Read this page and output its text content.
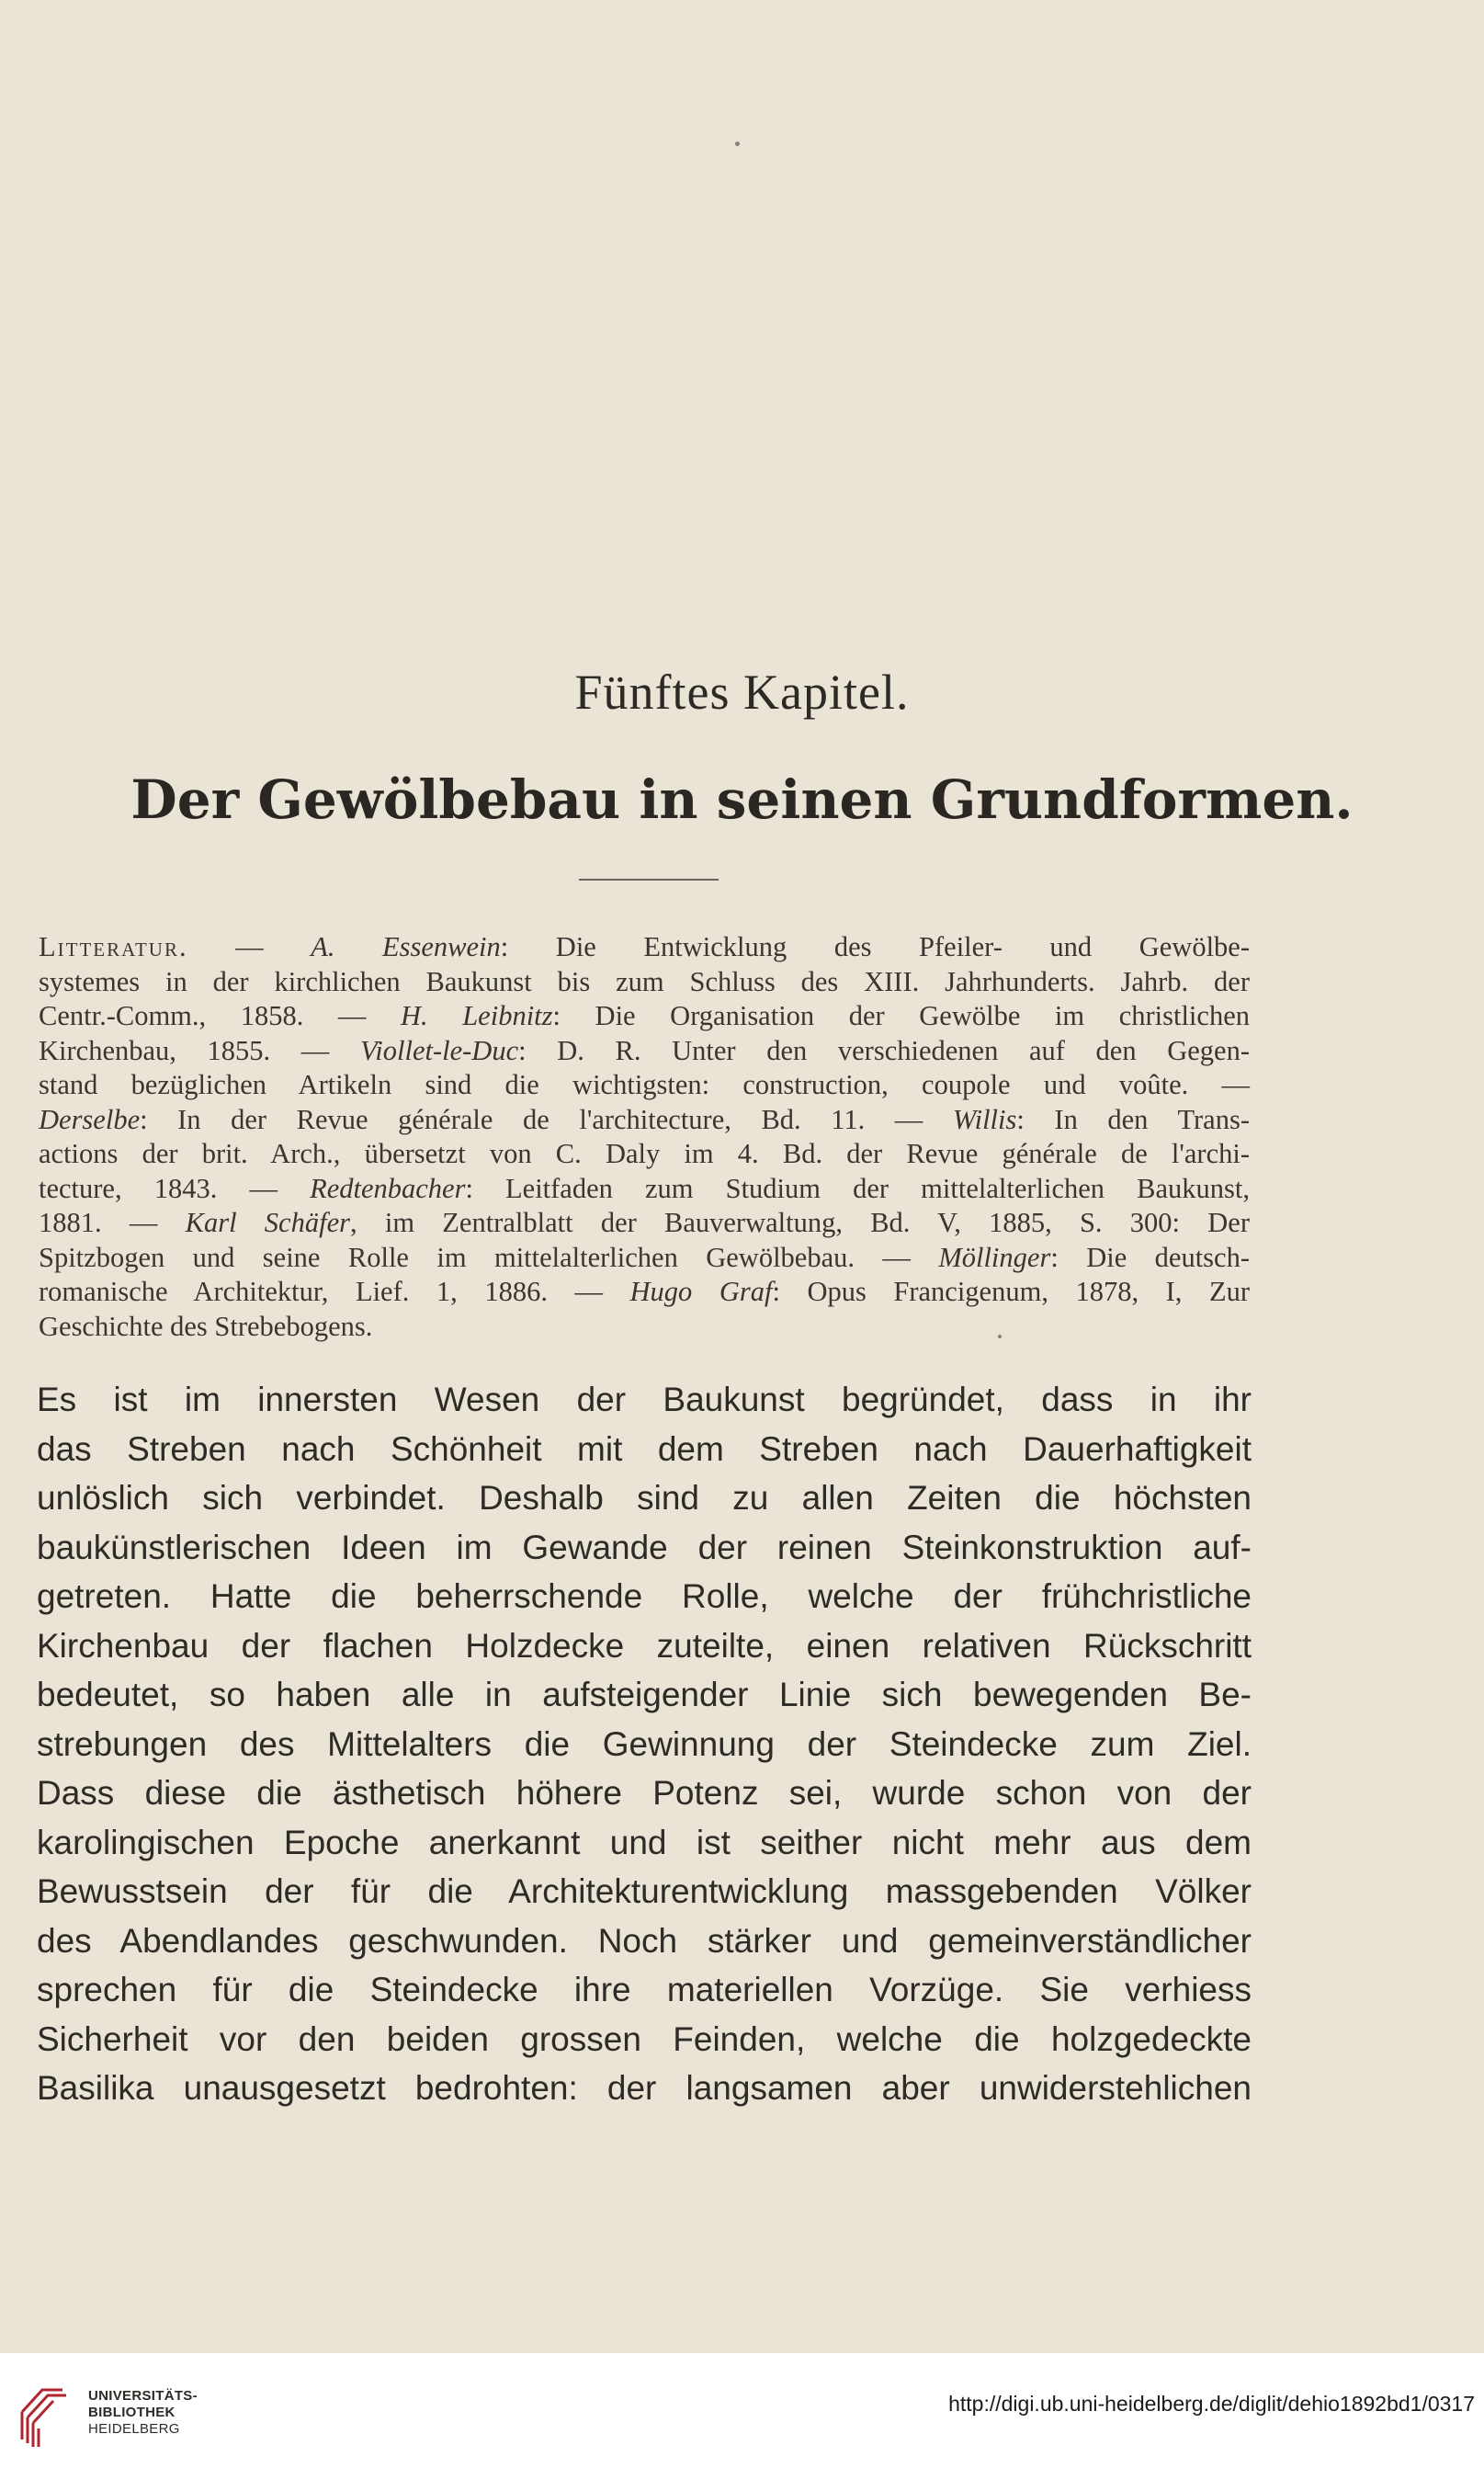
Fünftes Kapitel.
Der Gewölbebau in seinen Grundformen.
Litteratur. — A. Essenwein: Die Entwicklung des Pfeiler- und Gewölbe-
systemes in der kirchlichen Baukunst bis zum Schluss des XIII. Jahrhunderts. Jahrb. der
Centr.-Comm., 1858. — H. Leibnitz: Die Organisation der Gewölbe im christlichen
Kirchenbau, 1855. — Viollet-le-Duc: D. R. Unter den verschiedenen auf den Gegen-
stand bezüglichen Artikeln sind die wichtigsten: construction, coupole und voûte. —
Derselbe: In der Revue générale de l'architecture, Bd. 11. — Willis: In den Trans-
actions der brit. Arch., übersetzt von C. Daly im 4. Bd. der Revue générale de l'archi-
tecture, 1843. — Redtenbacher: Leitfaden zum Studium der mittelalterlichen Baukunst,
1881. — Karl Schäfer, im Zentralblatt der Bauverwaltung, Bd. V, 1885, S. 300: Der
Spitzbogen und seine Rolle im mittelalterlichen Gewölbebau. — Möllinger: Die deutsch-
romanische Architektur, Lief. 1, 1886. — Hugo Graf: Opus Francigenum, 1878, I, Zur
Geschichte des Strebebogens.
Es ist im innersten Wesen der Baukunst begründet, dass in ihr
das Streben nach Schönheit mit dem Streben nach Dauerhaftigkeit
unlöslich sich verbindet. Deshalb sind zu allen Zeiten die höchsten
baukünstlerischen Ideen im Gewande der reinen Steinkonstruktion auf-
getreten. Hatte die beherrschende Rolle, welche der frühchristliche
Kirchenbau der flachen Holzdecke zuteilte, einen relativen Rückschritt
bedeutet, so haben alle in aufsteigender Linie sich bewegenden Be-
strebungen des Mittelalters die Gewinnung der Steindecke zum Ziel.
Dass diese die ästhetisch höhere Potenz sei, wurde schon von der
karolingischen Epoche anerkannt und ist seither nicht mehr aus dem
Bewusstsein der für die Architekturentwicklung massgebenden Völker
des Abendlandes geschwunden. Noch stärker und gemeinverständlicher
sprechen für die Steindecke ihre materiellen Vorzüge. Sie verhiess
Sicherheit vor den beiden grossen Feinden, welche die holzgedeckte
Basilika unausgesetzt bedrohten: der langsamen aber unwiderstehlichen
UNIVERSITÄTS-
BIBLIOTHEK
HEIDELBERG
http://digi.ub.uni-heidelberg.de/diglit/dehio1892bd1/0317
